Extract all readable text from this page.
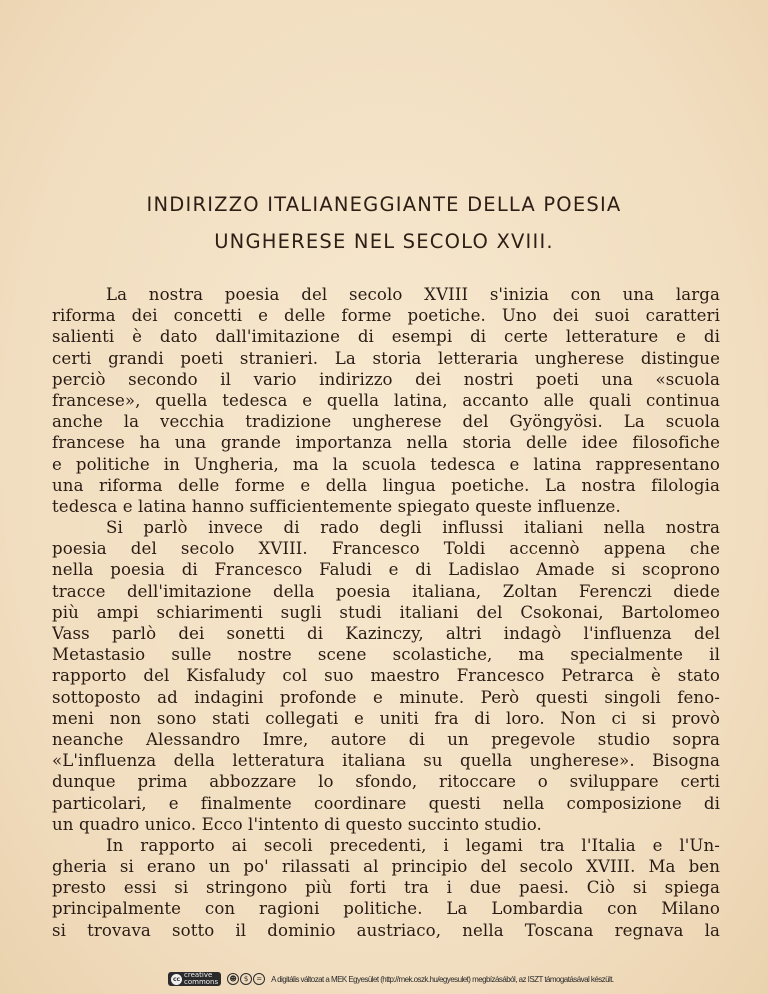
INDIRIZZO ITALIANEGGIANTE DELLA POESIA
UNGHERESE NEL SECOLO XVIII.
La nostra poesia del secolo XVIII s'inizia con una larga
riforma dei concetti e delle forme poetiche. Uno dei suoi caratteri
salienti è dato dall'imitazione di esempi di certe letterature e di
certi grandi poeti stranieri. La storia letteraria ungherese distingue
perciò secondo il vario indirizzo dei nostri poeti una «scuola
francese», quella tedesca e quella latina, accanto alle quali continua
anche la vecchia tradizione ungherese del Gyöngyösi. La scuola
francese ha una grande importanza nella storia delle idee filosofiche
e politiche in Ungheria, ma la scuola tedesca e latina rappresentano
una riforma delle forme e della lingua poetiche. La nostra filologia
tedesca e latina hanno sufficientemente spiegato queste influenze.
Si parlò invece di rado degli influssi italiani nella nostra
poesia del secolo XVIII. Francesco Toldi accennò appena che
nella poesia di Francesco Faludi e di Ladislao Amade si scoprono
tracce dell'imitazione della poesia italiana, Zoltan Ferenczi diede
più ampi schiarimenti sugli studi italiani del Csokonai, Bartolomeo
Vass parlò dei sonetti di Kazinczy, altri indagò l'influenza del
Metastasio sulle nostre scene scolastiche, ma specialmente il
rapporto del Kisfaludy col suo maestro Francesco Petrarca è stato
sottoposto ad indagini profonde e minute. Però questi singoli feno-
meni non sono stati collegati e uniti fra di loro. Non ci si provò
neanche Alessandro Imre, autore di un pregevole studio sopra
«L'influenza della letteratura italiana su quella ungherese». Bisogna
dunque prima abbozzare lo sfondo, ritoccare o sviluppare certi
particolari, e finalmente coordinare questi nella composizione di
un quadro unico. Ecco l'intento di questo succinto studio.
In rapporto ai secoli precedenti, i legami tra l'Italia e l'Un-
gheria si erano un po' rilassati al principio del secolo XVIII. Ma ben
presto essi si stringono più forti tra i due paesi. Ciò si spiega
principalmente con ragioni politiche. La Lombardia con Milano
si trovava sotto il dominio austriaco, nella Toscana regnava la
cc creative
commons	☻	$	=	A digitális változat a MEK Egyesület (http://mek.oszk.hu/egyesulet) megbízásából, az ISZT támogatásával készült.
